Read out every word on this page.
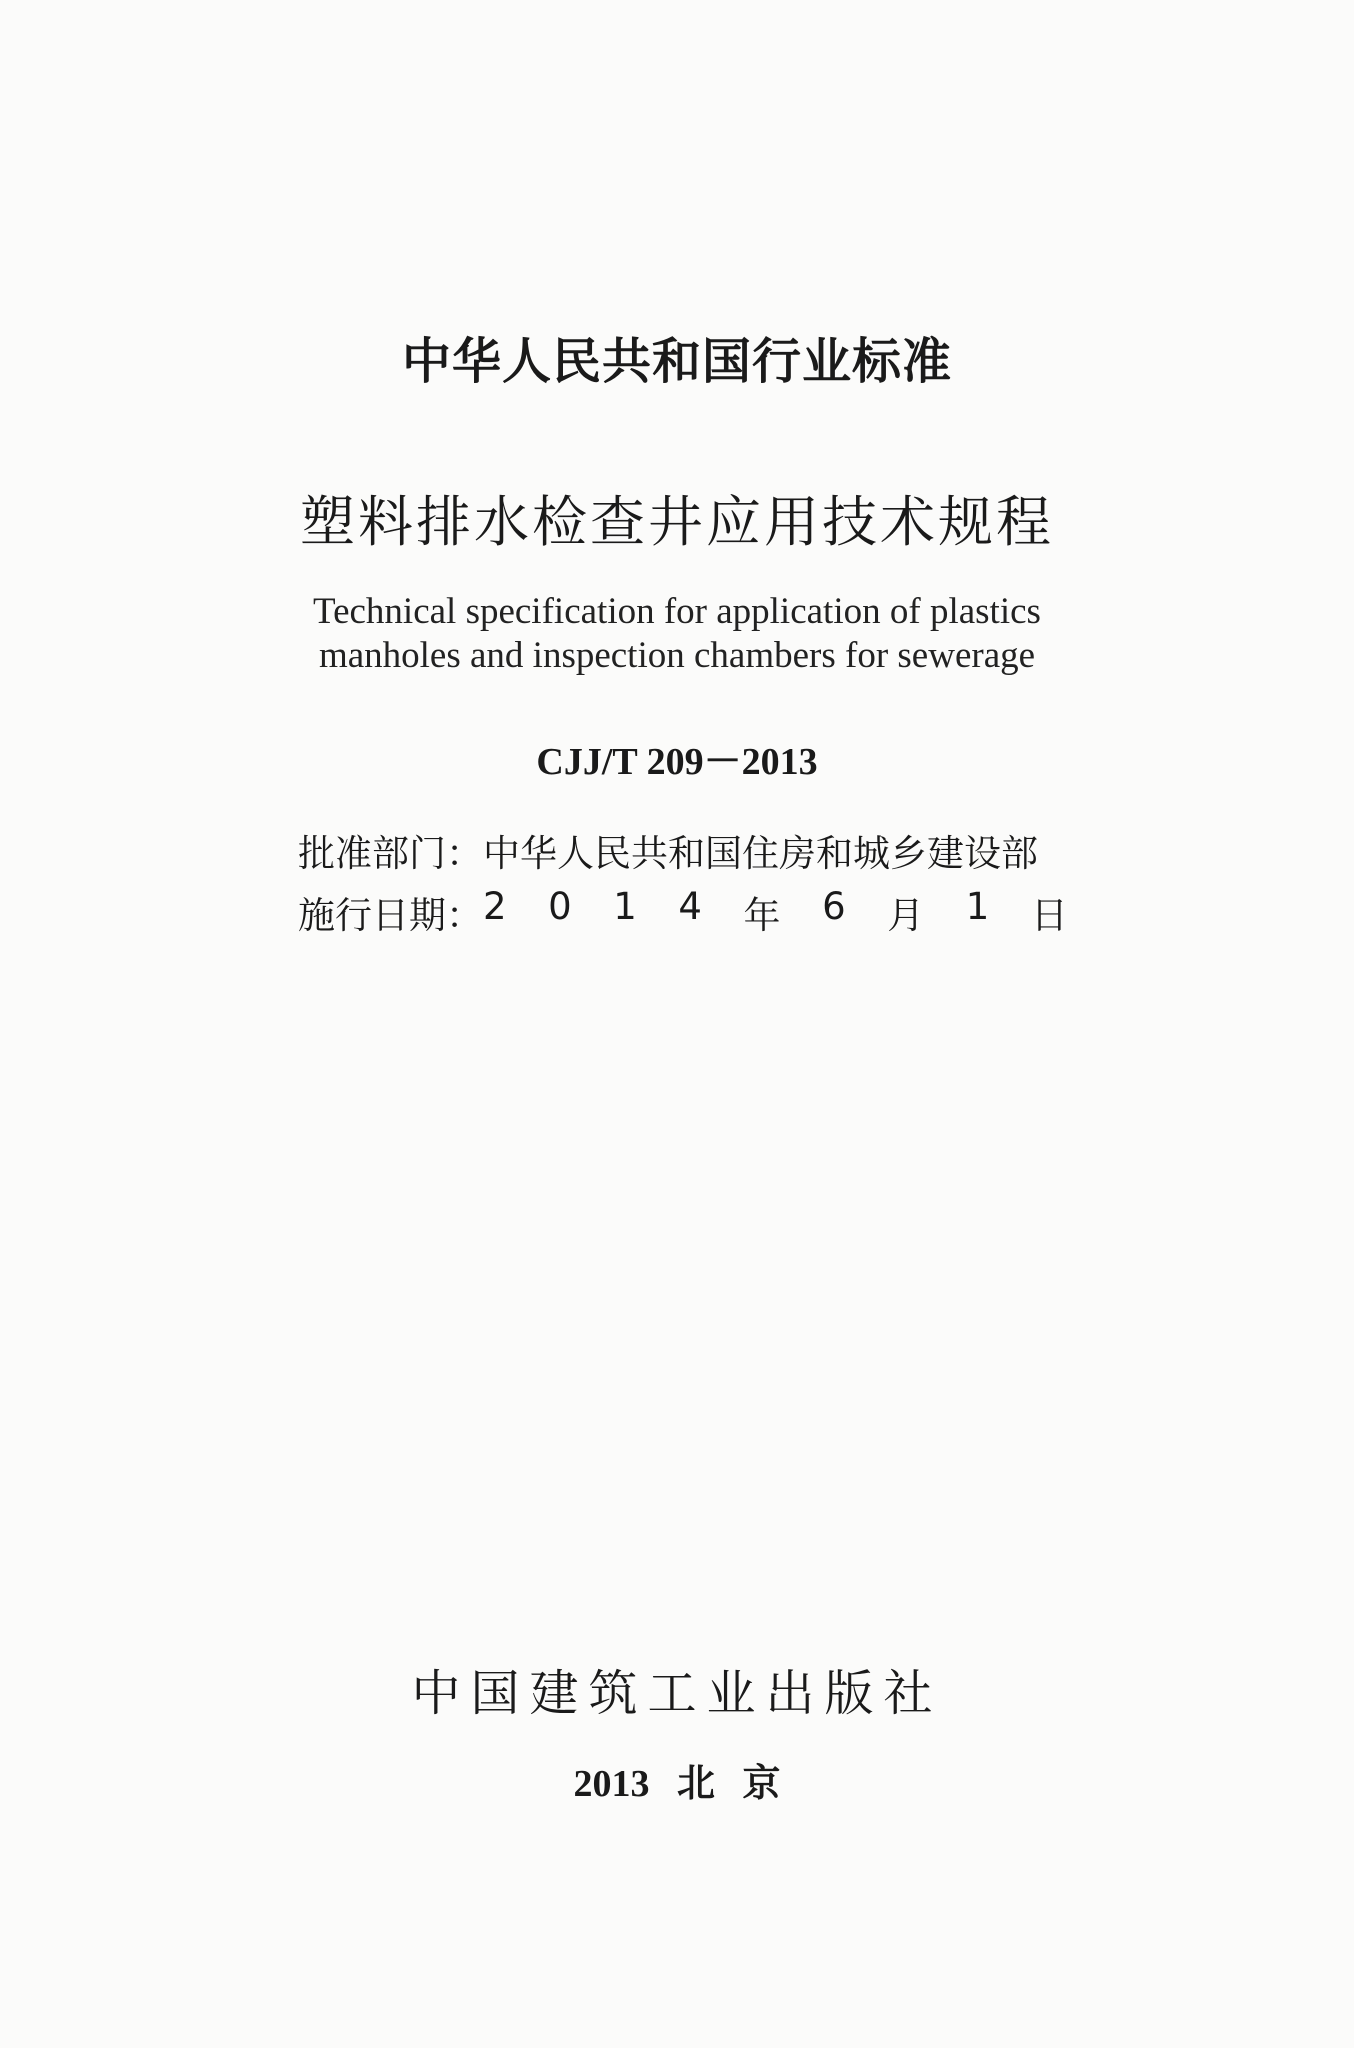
中华人民共和国行业标准
塑料排水检查井应用技术规程
Technical specification for application of plastics
manholes and inspection chambers for sewerage
CJJ/T 209－2013
批准部门： 中华人民共和国住房和城乡建设部
施行日期： 2 0 1 4 年 6 月 1 日
中国建筑工业出版社
2013 北 京
